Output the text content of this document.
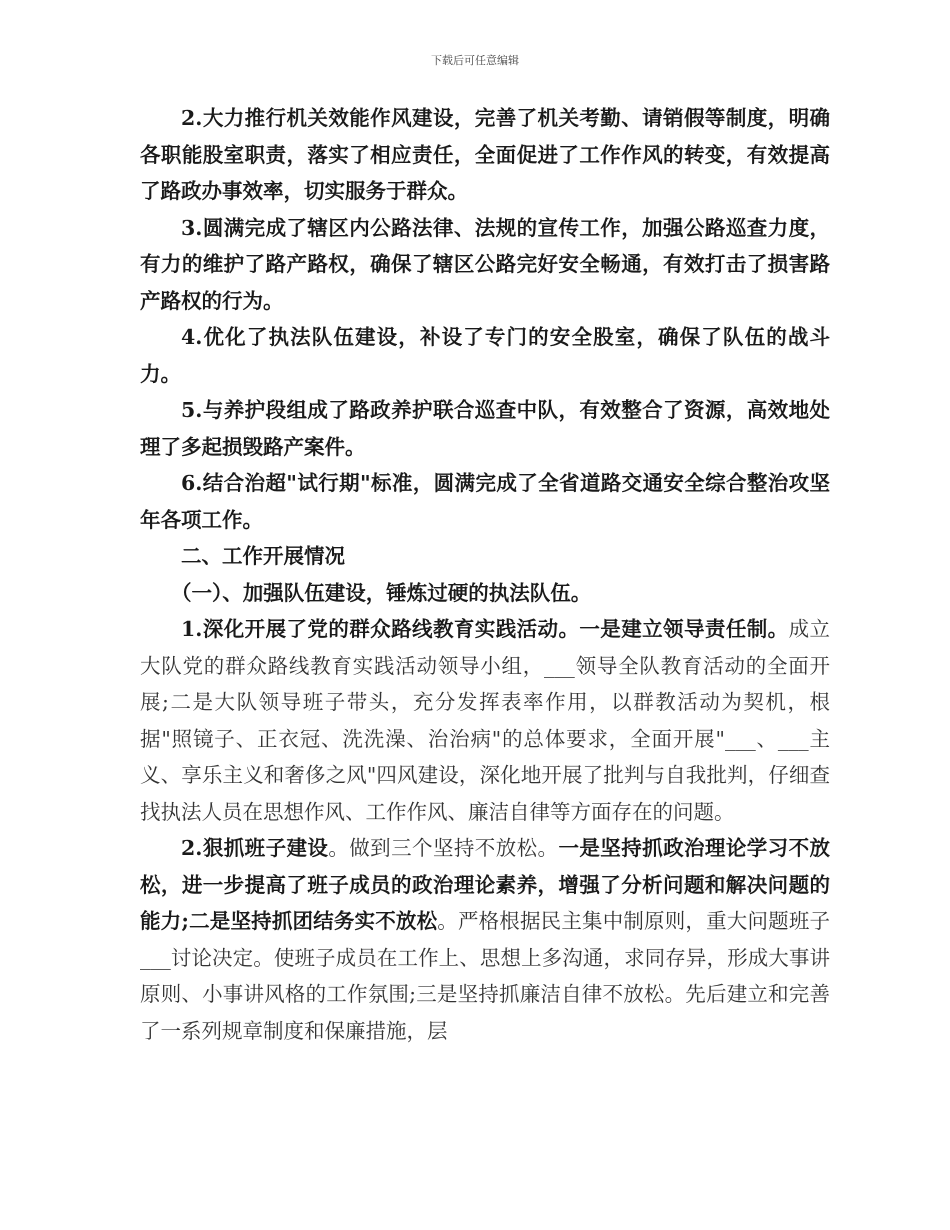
下载后可任意编辑

2.大力推行机关效能作风建设，完善了机关考勤、请销假等制度，明确各职能股室职责，落实了相应责任，全面促进了工作作风的转变，有效提高了路政办事效率，切实服务于群众。

3.圆满完成了辖区内公路法律、法规的宣传工作，加强公路巡查力度，有力的维护了路产路权，确保了辖区公路完好安全畅通，有效打击了损害路产路权的行为。

4.优化了执法队伍建设，补设了专门的安全股室，确保了队伍的战斗力。

5.与养护段组成了路政养护联合巡查中队，有效整合了资源，高效地处理了多起损毁路产案件。

6.结合治超"试行期"标准，圆满完成了全省道路交通安全综合整治攻坚年各项工作。

二、工作开展情况

（一）、加强队伍建设，锤炼过硬的执法队伍。

1.深化开展了党的群众路线教育实践活动。一是建立领导责任制。成立大队党的群众路线教育实践活动领导小组，___领导全队教育活动的全面开展;二是大队领导班子带头，充分发挥表率作用，以群教活动为契机，根据"照镜子、正衣冠、洗洗澡、治治病"的总体要求，全面开展"___、___主义、享乐主义和奢侈之风"四风建设，深化地开展了批判与自我批判，仔细查找执法人员在思想作风、工作作风、廉洁自律等方面存在的问题。

2.狠抓班子建设。做到三个坚持不放松。一是坚持抓政治理论学习不放松，进一步提高了班子成员的政治理论素养，增强了分析问题和解决问题的能力;二是坚持抓团结务实不放松。严格根据民主集中制原则，重大问题班子___讨论决定。使班子成员在工作上、思想上多沟通，求同存异，形成大事讲原则、小事讲风格的工作氛围;三是坚持抓廉洁自律不放松。先后建立和完善了一系列规章制度和保廉措施，层
